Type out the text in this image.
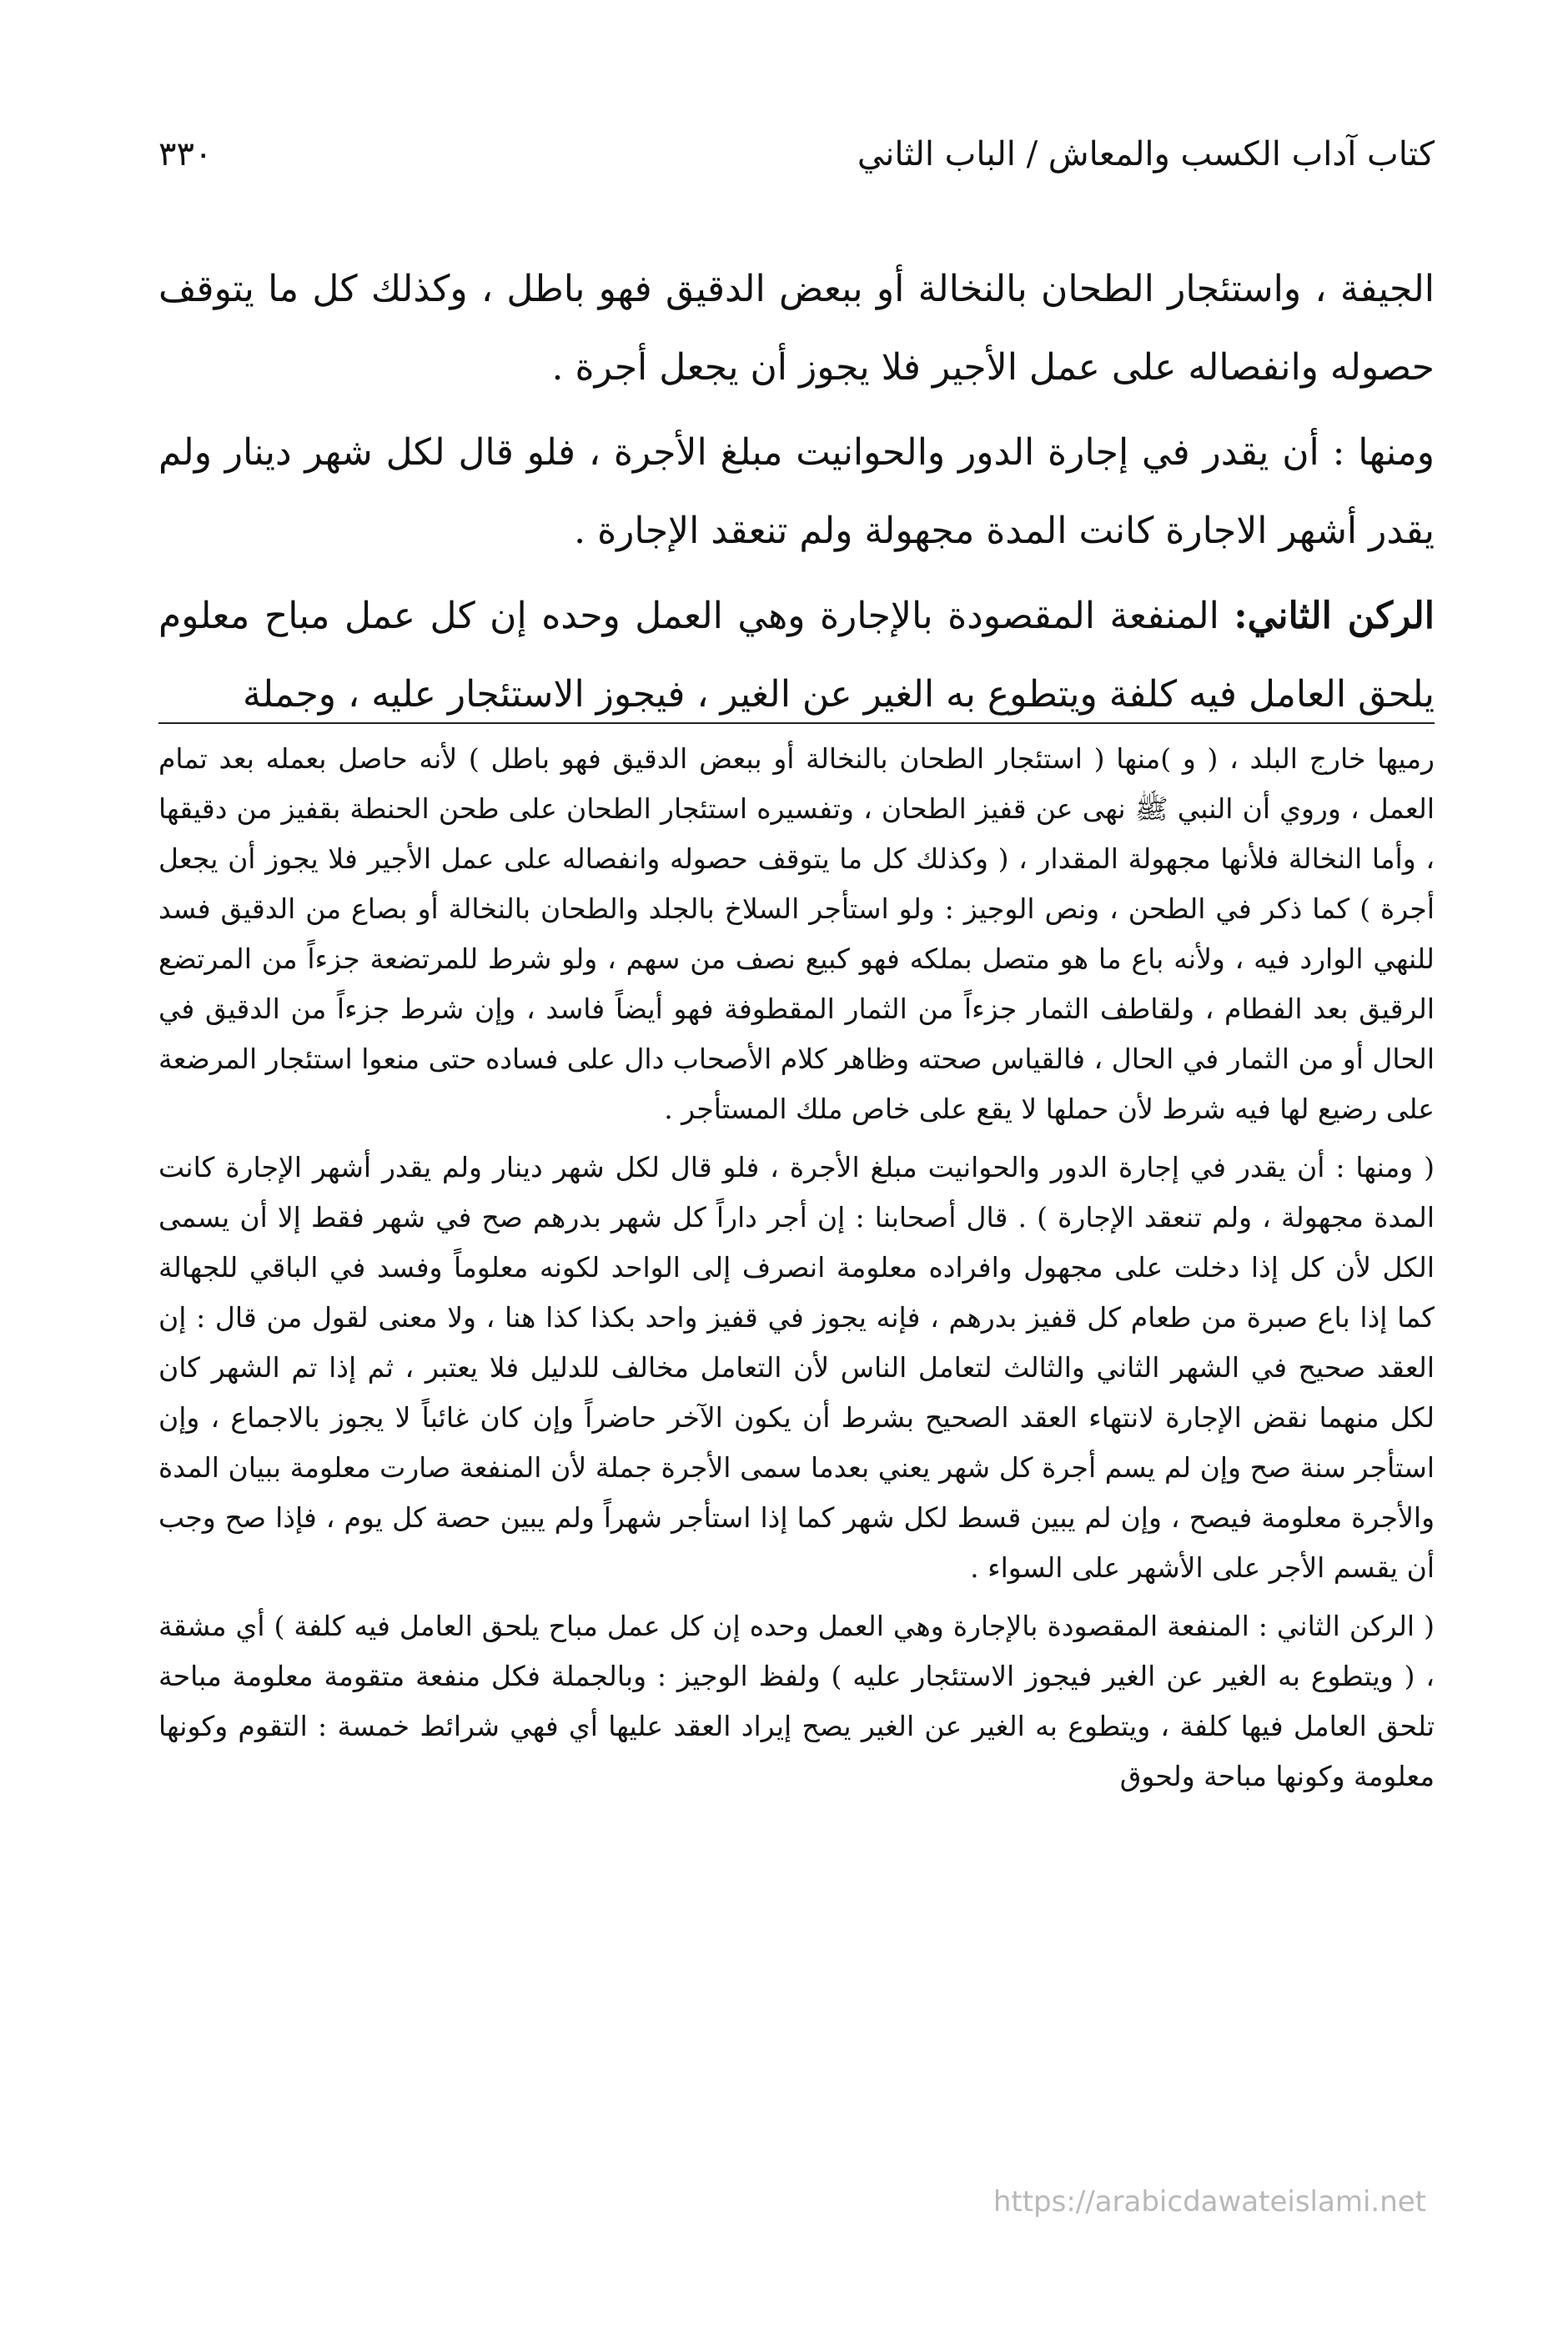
٣٣٠	كتاب آداب الكسب والمعاش / الباب الثاني

الجيفة ، واستئجار الطحان بالنخالة أو ببعض الدقيق فهو باطل ، وكذلك كل ما يتوقف حصوله وانفصاله على عمل الأجير فلا يجوز أن يجعل أجرة .

ومنها : أن يقدر في إجارة الدور والحوانيت مبلغ الأجرة ، فلو قال لكل شهر دينار ولم يقدر أشهر الاجارة كانت المدة مجهولة ولم تنعقد الإجارة .

الركن الثاني: المنفعة المقصودة بالإجارة وهي العمل وحده إن كل عمل مباح معلوم يلحق العامل فيه كلفة ويتطوع به الغير عن الغير ، فيجوز الاستئجار عليه ، وجملة

رميها خارج البلد ، ( و )منها ( استئجار الطحان بالنخالة أو ببعض الدقيق فهو باطل ) لأنه حاصل بعمله بعد تمام العمل ، وروي أن النبي ﷺ نهى عن قفيز الطحان ، وتفسيره استئجار الطحان على طحن الحنطة بقفيز من دقيقها ، وأما النخالة فلأنها مجهولة المقدار ، ( وكذلك كل ما يتوقف حصوله وانفصاله على عمل الأجير فلا يجوز أن يجعل أجرة ) كما ذكر في الطحن ، ونص الوجيز : ولو استأجر السلاخ بالجلد والطحان بالنخالة أو بصاع من الدقيق فسد للنهي الوارد فيه ، ولأنه باع ما هو متصل بملكه فهو كبيع نصف من سهم ، ولو شرط للمرتضعة جزءاً من المرتضع الرقيق بعد الفطام ، ولقاطف الثمار جزءاً من الثمار المقطوفة فهو أيضاً فاسد ، وإن شرط جزءاً من الدقيق في الحال أو من الثمار في الحال ، فالقياس صحته وظاهر كلام الأصحاب دال على فساده حتى منعوا استئجار المرضعة على رضيع لها فيه شرط لأن حملها لا يقع على خاص ملك المستأجر .

( ومنها : أن يقدر في إجارة الدور والحوانيت مبلغ الأجرة ، فلو قال لكل شهر دينار ولم يقدر أشهر الإجارة كانت المدة مجهولة ، ولم تنعقد الإجارة ) . قال أصحابنا : إن أجر داراً كل شهر بدرهم صح في شهر فقط إلا أن يسمى الكل لأن كل إذا دخلت على مجهول وافراده معلومة انصرف إلى الواحد لكونه معلوماً وفسد في الباقي للجهالة كما إذا باع صبرة من طعام كل قفيز بدرهم ، فإنه يجوز في قفيز واحد بكذا كذا هنا ، ولا معنى لقول من قال : إن العقد صحيح في الشهر الثاني والثالث لتعامل الناس لأن التعامل مخالف للدليل فلا يعتبر ، ثم إذا تم الشهر كان لكل منهما نقض الإجارة لانتهاء العقد الصحيح بشرط أن يكون الآخر حاضراً وإن كان غائباً لا يجوز بالاجماع ، وإن استأجر سنة صح وإن لم يسم أجرة كل شهر يعني بعدما سمى الأجرة جملة لأن المنفعة صارت معلومة ببيان المدة والأجرة معلومة فيصح ، وإن لم يبين قسط لكل شهر كما إذا استأجر شهراً ولم يبين حصة كل يوم ، فإذا صح وجب أن يقسم الأجر على الأشهر على السواء .

( الركن الثاني : المنفعة المقصودة بالإجارة وهي العمل وحده إن كل عمل مباح يلحق العامل فيه كلفة ) أي مشقة ، ( ويتطوع به الغير عن الغير فيجوز الاستئجار عليه ) ولفظ الوجيز : وبالجملة فكل منفعة متقومة معلومة مباحة تلحق العامل فيها كلفة ، ويتطوع به الغير عن الغير يصح إيراد العقد عليها أي فهي شرائط خمسة : التقوم وكونها معلومة وكونها مباحة ولحوق

https://arabicdawateislami.net
